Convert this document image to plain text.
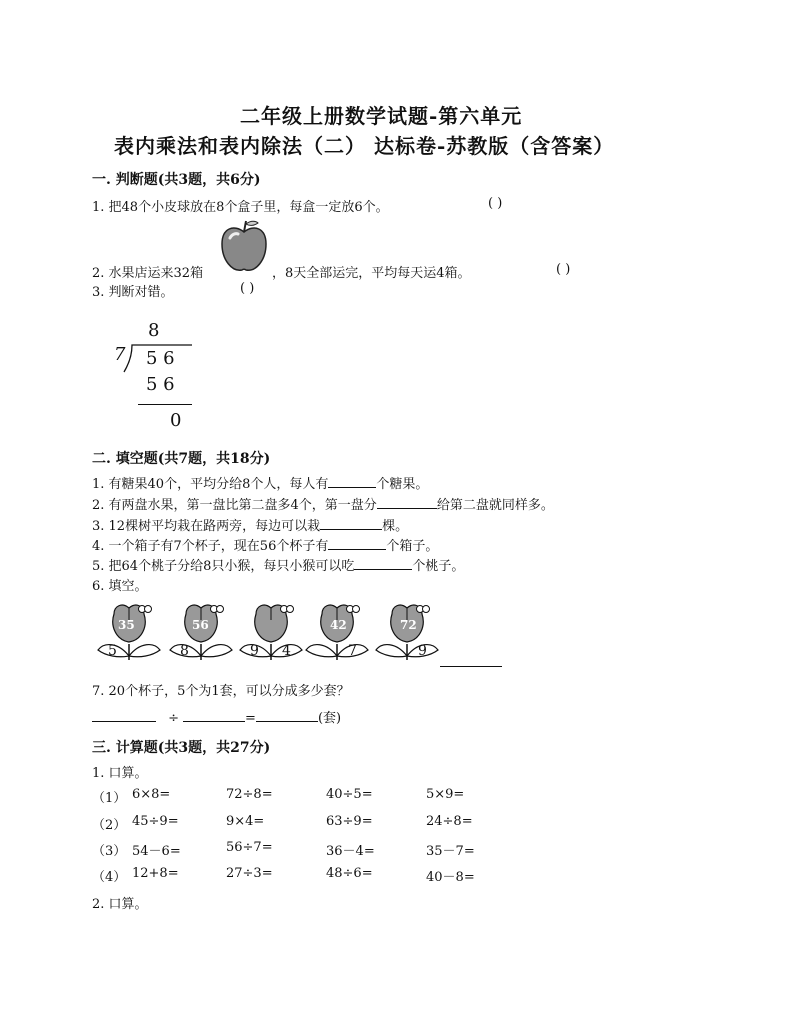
二年级上册数学试题-第六单元
表内乘法和表内除法（二） 达标卷-苏教版（含答案）
一. 判断题(共3题，共6分)
1. 把48个小皮球放在8个盒子里，每盒一定放6个。	( )
2. 水果店运来32箱	，8天全部运完，平均每天运4箱。	( )
3. 判断对错。	( )
8
7 5 6
5 6
0
二. 填空题(共7题，共18分)
1. 有糖果40个，平均分给8个人，每人有	个糖果。
2. 有两盘水果，第一盘比第二盘多4个，第一盘分	给第二盘就同样多。
3. 12棵树平均栽在路两旁，每边可以栽	棵。
4. 一个箱子有7个杯子，现在56个杯子有	个箱子。
5. 把64个桃子分给8只小猴，每只小猴可以吃	个桃子。
6. 填空。
35
5
56
8	9 4
42
7
72
9
7. 20个杯子，5个为1套，可以分成多少套？
÷	=	(套)
三. 计算题(共3题，共27分)
1. 口算。
（1） 6×8=	72÷8=	40÷5=	5×9=
（2） 45÷9=	9×4=	63÷9=	24÷8=
（3） 54－6=	56÷7=	36－4=	35－7=
（4） 12+8=	27÷3=	48÷6=	40－8=
2. 口算。
